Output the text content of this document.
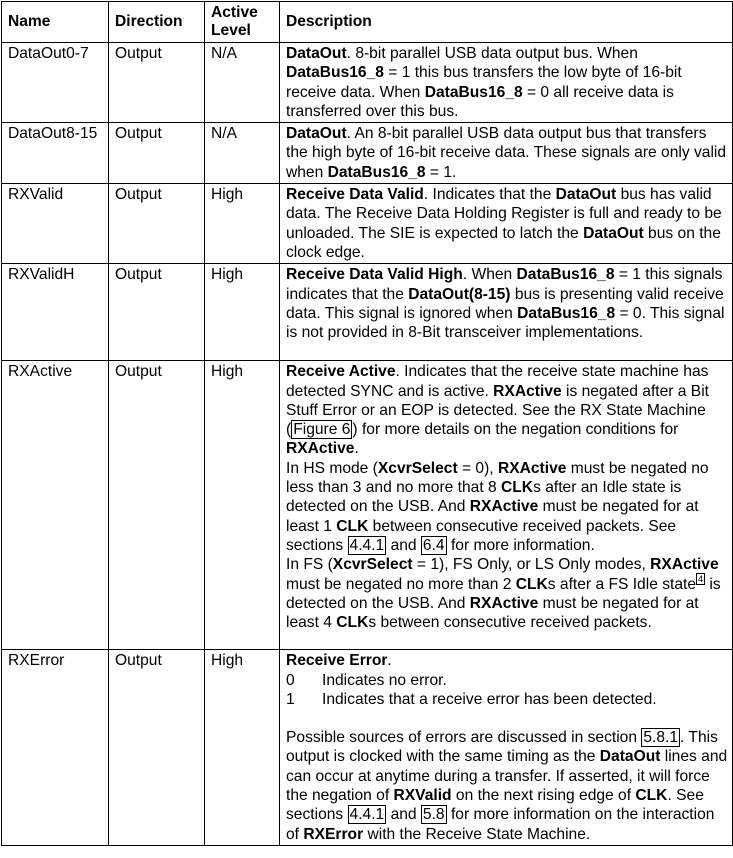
Name	Direction	Active Level	Description
DataOut0-7	Output	N/A	DataOut. 8-bit parallel USB data output bus. When DataBus16_8 = 1 this bus transfers the low byte of 16-bit receive data. When DataBus16_8 = 0 all receive data is transferred over this bus.
DataOut8-15	Output	N/A	DataOut. An 8-bit parallel USB data output bus that transfers the high byte of 16-bit receive data. These signals are only valid when DataBus16_8 = 1.
RXValid	Output	High	Receive Data Valid. Indicates that the DataOut bus has valid data. The Receive Data Holding Register is full and ready to be unloaded. The SIE is expected to latch the DataOut bus on the clock edge.
RXValidH	Output	High	Receive Data Valid High. When DataBus16_8 = 1 this signals indicates that the DataOut(8-15) bus is presenting valid receive data. This signal is ignored when DataBus16_8 = 0. This signal is not provided in 8-Bit transceiver implementations.
RXActive	Output	High	Receive Active. Indicates that the receive state machine has detected SYNC and is active. RXActive is negated after a Bit Stuff Error or an EOP is detected. See the RX State Machine ( Figure 6 ) for more details on the negation conditions for RXActive.
In HS mode (XcvrSelect = 0), RXActive must be negated no less than 3 and no more that 8 CLKs after an Idle state is detected on the USB. And RXActive must be negated for at least 1 CLK between consecutive received packets. See sections 4.4.1 and 6.4 for more information.
In FS (XcvrSelect = 1), FS Only, or LS Only modes, RXActive must be negated no more than 2 CLKs after a FS Idle state $^4$ is detected on the USB. And RXActive must be negated for at least 4 CLKs between consecutive received packets.

RXError	Output	High	Receive Error.
0 Indicates no error.
1 Indicates that a receive error has been detected.
Possible sources of errors are discussed in section 5.8.1 . This output is clocked with the same timing as the DataOut lines and can occur at anytime during a transfer. If asserted, it will force the negation of RXValid on the next rising edge of CLK. See sections 4.4.1 and 5.8 for more information on the interaction of RXError with the Receive State Machine.
